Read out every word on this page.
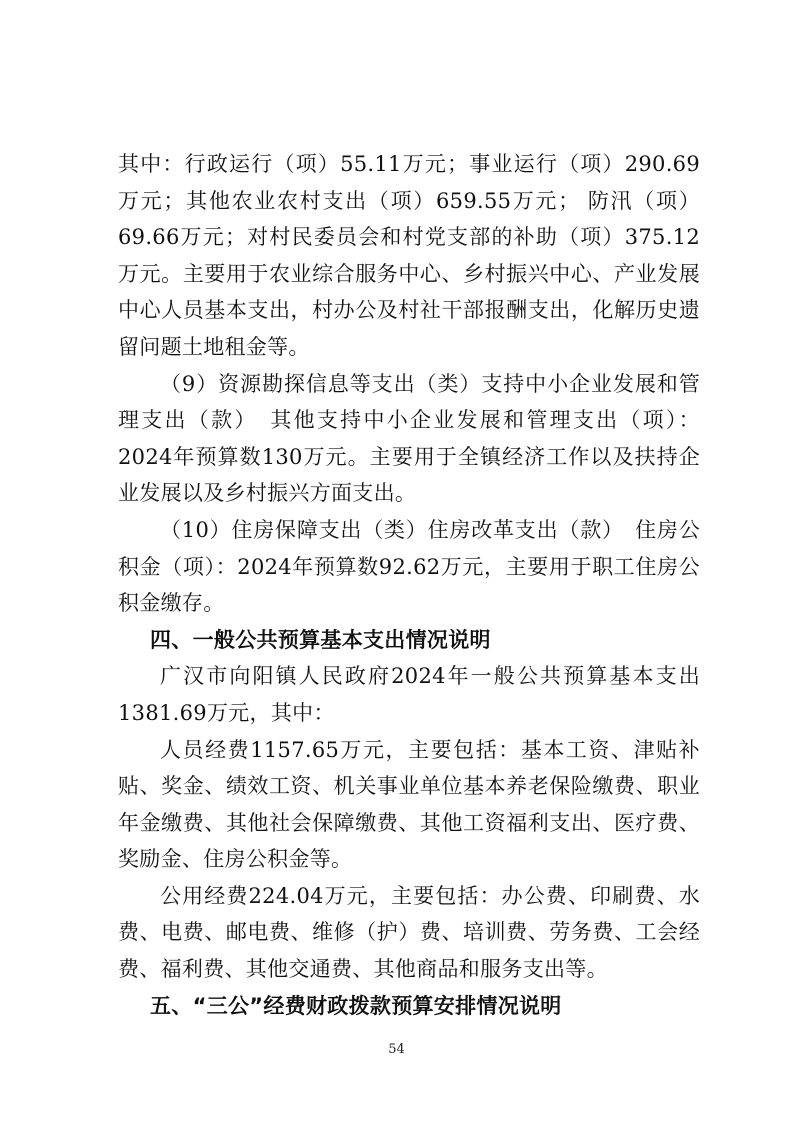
其中：行政运行（项）55.11万元；事业运行（项）290.69万元；其他农业农村支出（项）659.55万元； 防汛（项）69.66万元；对村民委员会和村党支部的补助（项）375.12万元。主要用于农业综合服务中心、乡村振兴中心、产业发展中心人员基本支出，村办公及村社干部报酬支出，化解历史遗留问题土地租金等。

（9）资源勘探信息等支出（类）支持中小企业发展和管理支出（款）　其他支持中小企业发展和管理支出（项）：2024年预算数130万元。主要用于全镇经济工作以及扶持企业发展以及乡村振兴方面支出。

（10）住房保障支出（类）住房改革支出（款）　住房公积金（项）：2024年预算数92.62万元，主要用于职工住房公积金缴存。

四、一般公共预算基本支出情况说明

广汉市向阳镇人民政府2024年一般公共预算基本支出1381.69万元，其中：

人员经费1157.65万元，主要包括：基本工资、津贴补贴、奖金、绩效工资、机关事业单位基本养老保险缴费、职业年金缴费、其他社会保障缴费、其他工资福利支出、医疗费、奖励金、住房公积金等。

公用经费224.04万元，主要包括：办公费、印刷费、水费、电费、邮电费、维修（护）费、培训费、劳务费、工会经费、福利费、其他交通费、其他商品和服务支出等。

五、“三公”经费财政拨款预算安排情况说明

54
